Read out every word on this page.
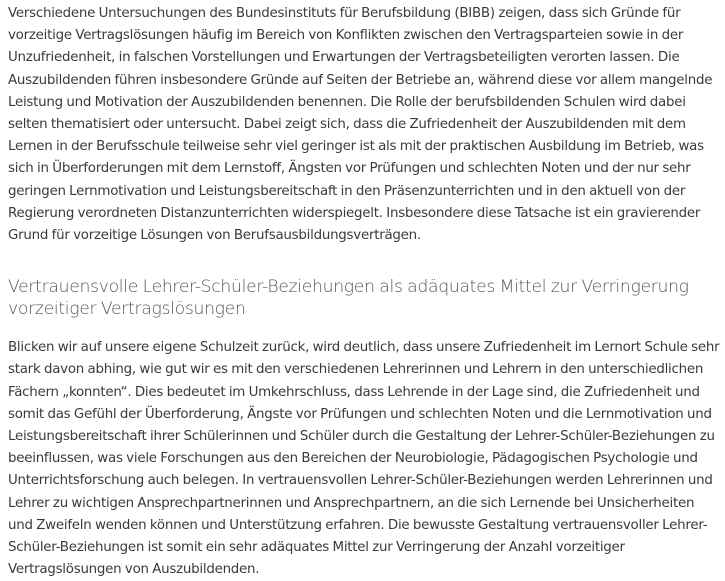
Verschiedene Untersuchungen des Bundesinstituts für Berufsbildung (BIBB) zeigen, dass sich Gründe für vorzeitige Vertragslösungen häufig im Bereich von Konflikten zwischen den Vertragsparteien sowie in der Unzufriedenheit, in falschen Vorstellungen und Erwartungen der Vertragsbeteiligten verorten lassen. Die Auszubildenden führen insbesondere Gründe auf Seiten der Betriebe an, während diese vor allem mangelnde Leistung und Motivation der Auszubildenden benennen. Die Rolle der berufsbildenden Schulen wird dabei selten thematisiert oder untersucht. Dabei zeigt sich, dass die Zufriedenheit der Auszubildenden mit dem Lernen in der Berufsschule teilweise sehr viel geringer ist als mit der praktischen Ausbildung im Betrieb, was sich in Überforderungen mit dem Lernstoff, Ängsten vor Prüfungen und schlechten Noten und der nur sehr geringen Lernmotivation und Leistungsbereitschaft in den Präsenzunterrichten und in den aktuell von der Regierung verordneten Distanzunterrichten widerspiegelt. Insbesondere diese Tatsache ist ein gravierender Grund für vorzeitige Lösungen von Berufsausbildungsverträgen.

Vertrauensvolle Lehrer-Schüler-Beziehungen als adäquates Mittel zur Verringerung vorzeitiger Vertragslösungen

Blicken wir auf unsere eigene Schulzeit zurück, wird deutlich, dass unsere Zufriedenheit im Lernort Schule sehr stark davon abhing, wie gut wir es mit den verschiedenen Lehrerinnen und Lehrern in den unterschiedlichen Fächern „konnten“. Dies bedeutet im Umkehrschluss, dass Lehrende in der Lage sind, die Zufriedenheit und somit das Gefühl der Überforderung, Ängste vor Prüfungen und schlechten Noten und die Lernmotivation und Leistungsbereitschaft ihrer Schülerinnen und Schüler durch die Gestaltung der Lehrer-Schüler-Beziehungen zu beeinflussen, was viele Forschungen aus den Bereichen der Neurobiologie, Pädagogischen Psychologie und Unterrichtsforschung auch belegen. In vertrauensvollen Lehrer-Schüler-Beziehungen werden Lehrerinnen und Lehrer zu wichtigen Ansprechpartnerinnen und Ansprechpartnern, an die sich Lernende bei Unsicherheiten und Zweifeln wenden können und Unterstützung erfahren. Die bewusste Gestaltung vertrauensvoller Lehrer-Schüler-Beziehungen ist somit ein sehr adäquates Mittel zur Verringerung der Anzahl vorzeitiger Vertragslösungen von Auszubildenden.
